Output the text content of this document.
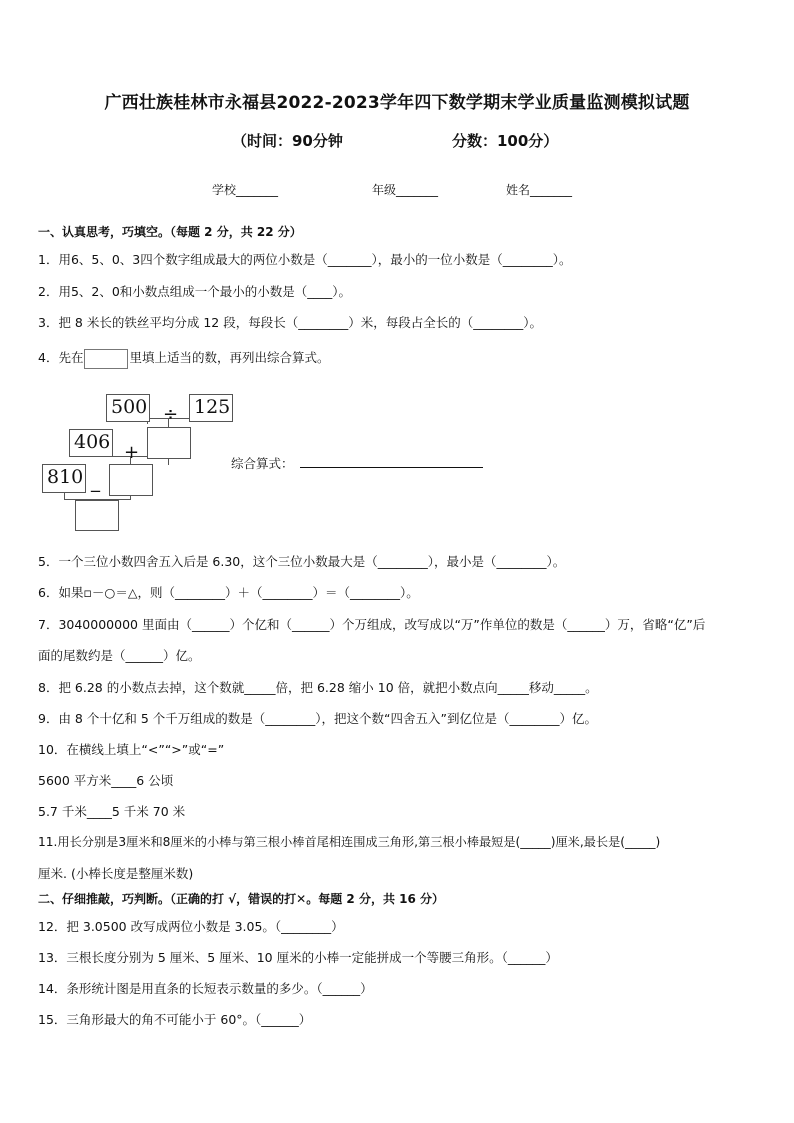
广西壮族桂林市永福县2022-2023学年四下数学期末学业质量监测模拟试题
（时间：90分钟	分数：100分）
学校_______	年级_______	姓名_______
一、认真思考，巧填空。（每题 2 分，共 22 分）
1．用6、5、0、3四个数字组成最大的两位小数是（_______），最小的一位小数是（________）。
2．用5、2、0和小数点组成一个最小的小数是（____）。
3．把 8 米长的铁丝平均分成 12 段，每段长（________）米，每段占全长的（________）。
4．先在	里填上适当的数，再列出综合算式。
500 ÷ 125
406 +
810 _
综合算式：
5．一个三位小数四舍五入后是 6.30，这个三位小数最大是（________），最小是（________）。
6．如果▫－○＝△，则（________）＋（________）＝（________）。
7．3040000000 里面由（______）个亿和（______）个万组成，改写成以“万”作单位的数是（______）万，省略“亿”后
面的尾数约是（______）亿。
8．把 6.28 的小数点去掉，这个数就_____倍，把 6.28 缩小 10 倍，就把小数点向_____移动_____。
9．由 8 个十亿和 5 个千万组成的数是（________），把这个数“四舍五入”到亿位是（________）亿。
10．在横线上填上“<”“>”或“=”
5600 平方米____6 公顷
5.7 千米____5 千米 70 米
11.用长分别是3厘米和8厘米的小棒与第三根小棒首尾相连围成三角形,第三根小棒最短是(_____)厘米,最长是(_____)
厘米. (小棒长度是整厘米数)
二、仔细推敲，巧判断。（正确的打 √，错误的打✕。每题 2 分，共 16 分）
12．把 3.0500 改写成两位小数是 3.05。（________）
13．三根长度分别为 5 厘米、5 厘米、10 厘米的小棒一定能拼成一个等腰三角形。（______）
14．条形统计图是用直条的长短表示数量的多少。（______）
15．三角形最大的角不可能小于 60°。（______）
